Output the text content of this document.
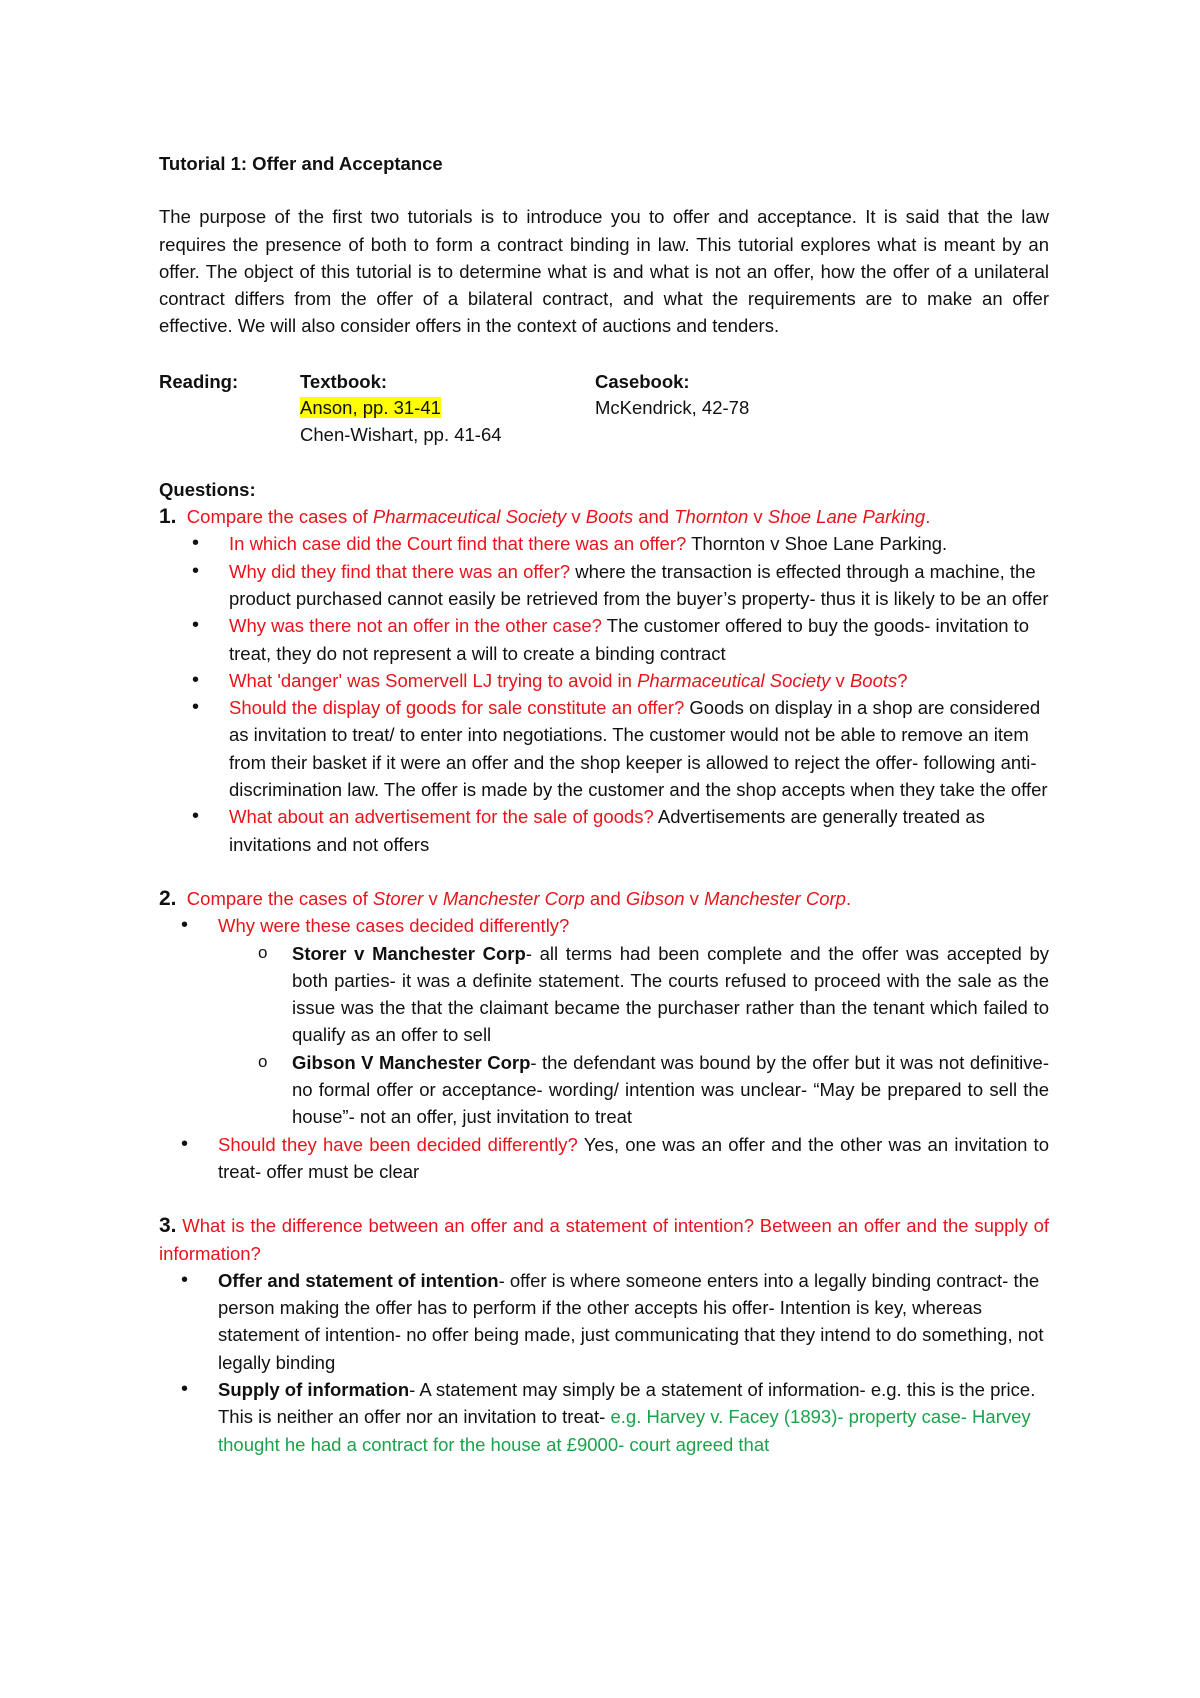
Tutorial 1: Offer and Acceptance

The purpose of the first two tutorials is to introduce you to offer and acceptance. It is said that the law requires the presence of both to form a contract binding in law. This tutorial explores what is meant by an offer. The object of this tutorial is to determine what is and what is not an offer, how the offer of a unilateral contract differs from the offer of a bilateral contract, and what the requirements are to make an offer effective. We will also consider offers in the context of auctions and tenders.

Reading:	Textbook:
Anson, pp. 31-41
Chen-Wishart, pp. 41-64
Casebook:
McKendrick, 42-78

Questions:

1. Compare the cases of Pharmaceutical Society v Boots and Thornton v Shoe Lane Parking.

• In which case did the Court find that there was an offer? Thornton v Shoe Lane Parking.
• Why did they find that there was an offer? where the transaction is effected through a machine, the product purchased cannot easily be retrieved from the buyer’s property- thus it is likely to be an offer
• Why was there not an offer in the other case? The customer offered to buy the goods- invitation to treat, they do not represent a will to create a binding contract
• What 'danger' was Somervell LJ trying to avoid in Pharmaceutical Society v Boots?
• Should the display of goods for sale constitute an offer? Goods on display in a shop are considered as invitation to treat/ to enter into negotiations. The customer would not be able to remove an item from their basket if it were an offer and the shop keeper is allowed to reject the offer- following anti-discrimination law. The offer is made by the customer and the shop accepts when they take the offer
• What about an advertisement for the sale of goods? Advertisements are generally treated as invitations and not offers

2. Compare the cases of Storer v Manchester Corp and Gibson v Manchester Corp.

• Why were these cases decided differently?
o Storer v Manchester Corp- all terms had been complete and the offer was accepted by both parties- it was a definite statement. The courts refused to proceed with the sale as the issue was the that the claimant became the purchaser rather than the tenant which failed to qualify as an offer to sell
o Gibson V Manchester Corp- the defendant was bound by the offer but it was not definitive- no formal offer or acceptance- wording/ intention was unclear- “May be prepared to sell the house”- not an offer, just invitation to treat
• Should they have been decided differently? Yes, one was an offer and the other was an invitation to treat- offer must be clear

3. What is the difference between an offer and a statement of intention? Between an offer and the supply of information?

• Offer and statement of intention- offer is where someone enters into a legally binding contract- the person making the offer has to perform if the other accepts his offer- Intention is key, whereas statement of intention- no offer being made, just communicating that they intend to do something, not legally binding
• Supply of information- A statement may simply be a statement of information- e.g. this is the price. This is neither an offer nor an invitation to treat- e.g. Harvey v. Facey (1893)- property case- Harvey thought he had a contract for the house at £9000- court agreed that
